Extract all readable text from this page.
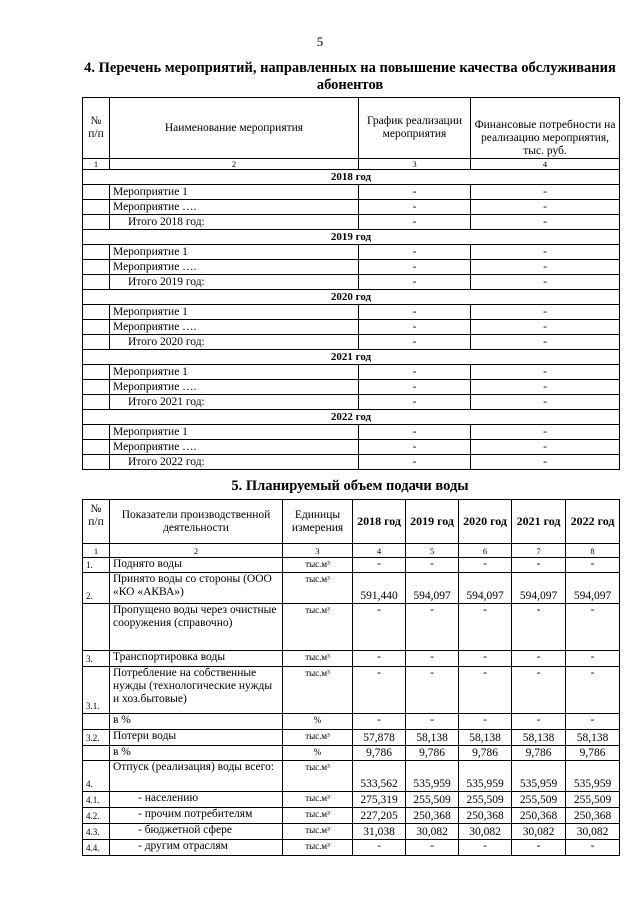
5
4. Перечень мероприятий, направленных на повышение качества обслуживания абонентов
№ п/п	Наименование мероприятия	График реализации мероприятия	Финансовые потребности на реализацию мероприятия, тыс. руб.
1	2	3	4
2018 год			
	Мероприятие 1	-	-
	Мероприятие ….	-	-
	Итого 2018 год:	-	-
2019 год			
	Мероприятие 1	-	-
	Мероприятие ….	-	-
	Итого 2019 год:	-	-
2020 год			
	Мероприятие 1	-	-
	Мероприятие ….	-	-
	Итого 2020 год:	-	-
2021 год			
	Мероприятие 1	-	-
	Мероприятие ….	-	-
	Итого 2021 год:	-	-
2022 год			
	Мероприятие 1	-	-
	Мероприятие ….	-	-
	Итого 2022 год:	-	-
5. Планируемый объем подачи воды
№ п/п	Показатели производственной деятельности	Единицы измерения	2018 год	2019 год	2020 год	2021 год	2022 год
1	2	3	4	5	6	7	8
1.	Поднято воды	тыс.м³	-	-	-	-	-
2.	Принято воды со стороны (ООО «КО «АКВА»)	тыс.м³	591,440	594,097	594,097	594,097	594,097
	Пропущено воды через очистные сооружения (справочно)	тыс.м³	-	-	-	-	-
3.	Транспортировка воды	тыс.м³	-	-	-	-	-
3.1.	Потребление на собственные нужды (технологические нужды и хоз.бытовые)	тыс.м³	-	-	-	-	-
	в %	%	-	-	-	-	-
3.2.	Потери воды	тыс.м³	57,878	58,138	58,138	58,138	58,138
	в %	%	9,786	9,786	9,786	9,786	9,786
4.	Отпуск (реализация) воды всего:	тыс.м³	533,562	535,959	535,959	535,959	535,959
4.1.	- населению	тыс.м³	275,319	255,509	255,509	255,509	255,509
4.2.	- прочим потребителям	тыс.м³	227,205	250,368	250,368	250,368	250,368
4.3.	- бюджетной сфере	тыс.м³	31,038	30,082	30,082	30,082	30,082
4.4.	- другим отраслям	тыс.м³	-	-	-	-	-
